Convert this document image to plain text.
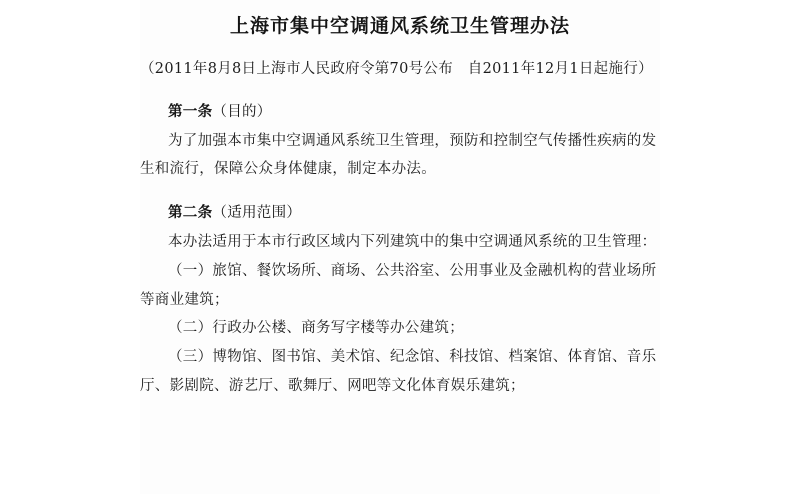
上海市集中空调通风系统卫生管理办法
（2011年8月8日上海市人民政府令第70号公布　自2011年12月1日起施行）
第一条（目的）

为了加强本市集中空调通风系统卫生管理，预防和控制空气传播性疾病的发生和流行，保障公众身体健康，制定本办法。

第二条（适用范围）

本办法适用于本市行政区域内下列建筑中的集中空调通风系统的卫生管理：

（一）旅馆、餐饮场所、商场、公共浴室、公用事业及金融机构的营业场所等商业建筑；

（二）行政办公楼、商务写字楼等办公建筑；

（三）博物馆、图书馆、美术馆、纪念馆、科技馆、档案馆、体育馆、音乐厅、影剧院、游艺厅、歌舞厅、网吧等文化体育娱乐建筑；
